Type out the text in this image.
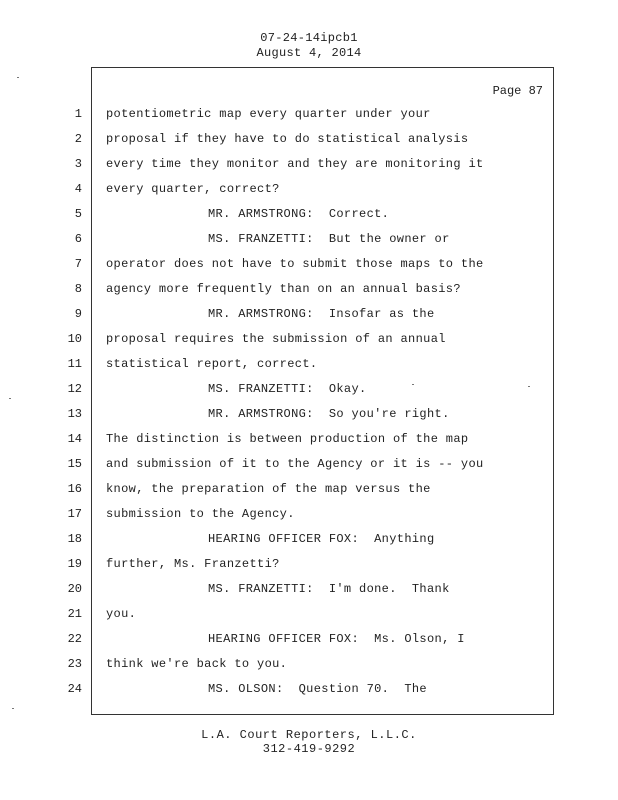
07-24-14ipcb1
August 4, 2014
Page 87
1 potentiometric map every quarter under your
2 proposal if they have to do statistical analysis
3 every time they monitor and they are monitoring it
4 every quarter, correct?
5	MR. ARMSTRONG:  Correct.
6	MS. FRANZETTI:  But the owner or
7 operator does not have to submit those maps to the
8 agency more frequently than on an annual basis?
9	MR. ARMSTRONG:  Insofar as the
10 proposal requires the submission of an annual
11 statistical report, correct.
12	MS. FRANZETTI:  Okay.
13	MR. ARMSTRONG:  So you're right.
14 The distinction is between production of the map
15 and submission of it to the Agency or it is -- you
16 know, the preparation of the map versus the
17 submission to the Agency.
18	HEARING OFFICER FOX:  Anything
19 further, Ms. Franzetti?
20	MS. FRANZETTI:  I'm done.  Thank
21 you.
22	HEARING OFFICER FOX:  Ms. Olson, I
23 think we're back to you.
24	MS. OLSON:  Question 70.  The
L.A. Court Reporters, L.L.C.
312-419-9292
